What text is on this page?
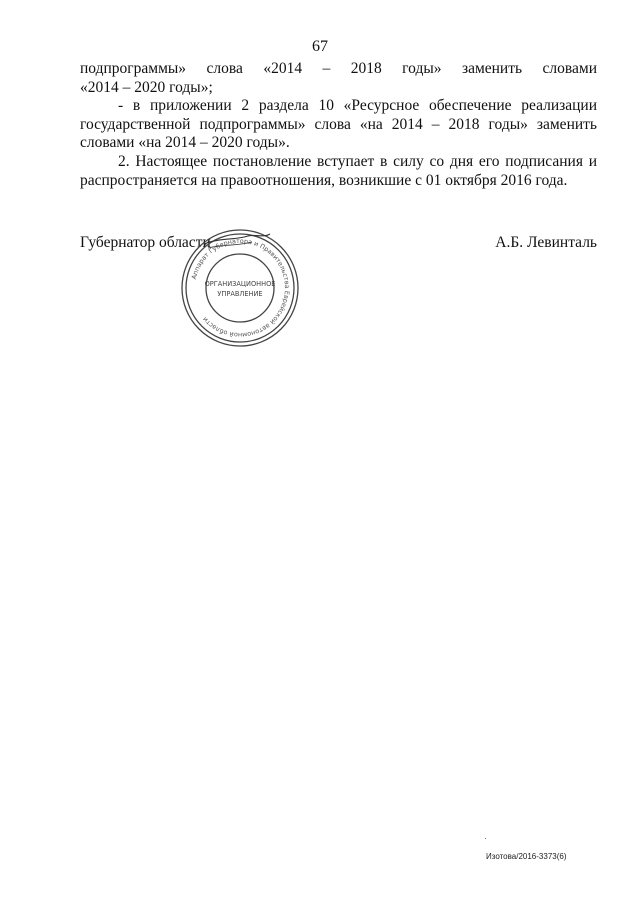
67

подпрограммы» слова «2014 – 2018 годы» заменить словами
«2014 – 2020 годы»;

- в приложении 2 раздела 10 «Ресурсное обеспечение реализации
государственной подпрограммы» слова «на 2014 – 2018 годы» заменить
словами «на 2014 – 2020 годы».

2. Настоящее постановление вступает в силу со дня его подписания и
распространяется на правоотношения, возникшие с 01 октября 2016 года.

Губернатор области	А.Б. Левинталь
Аппарат Губернатора и Правительства Еврейской автономной области
ОРГАНИЗАЦИОННОЕ
УПРАВЛЕНИЕ
Изотова/2016-3373(6)
